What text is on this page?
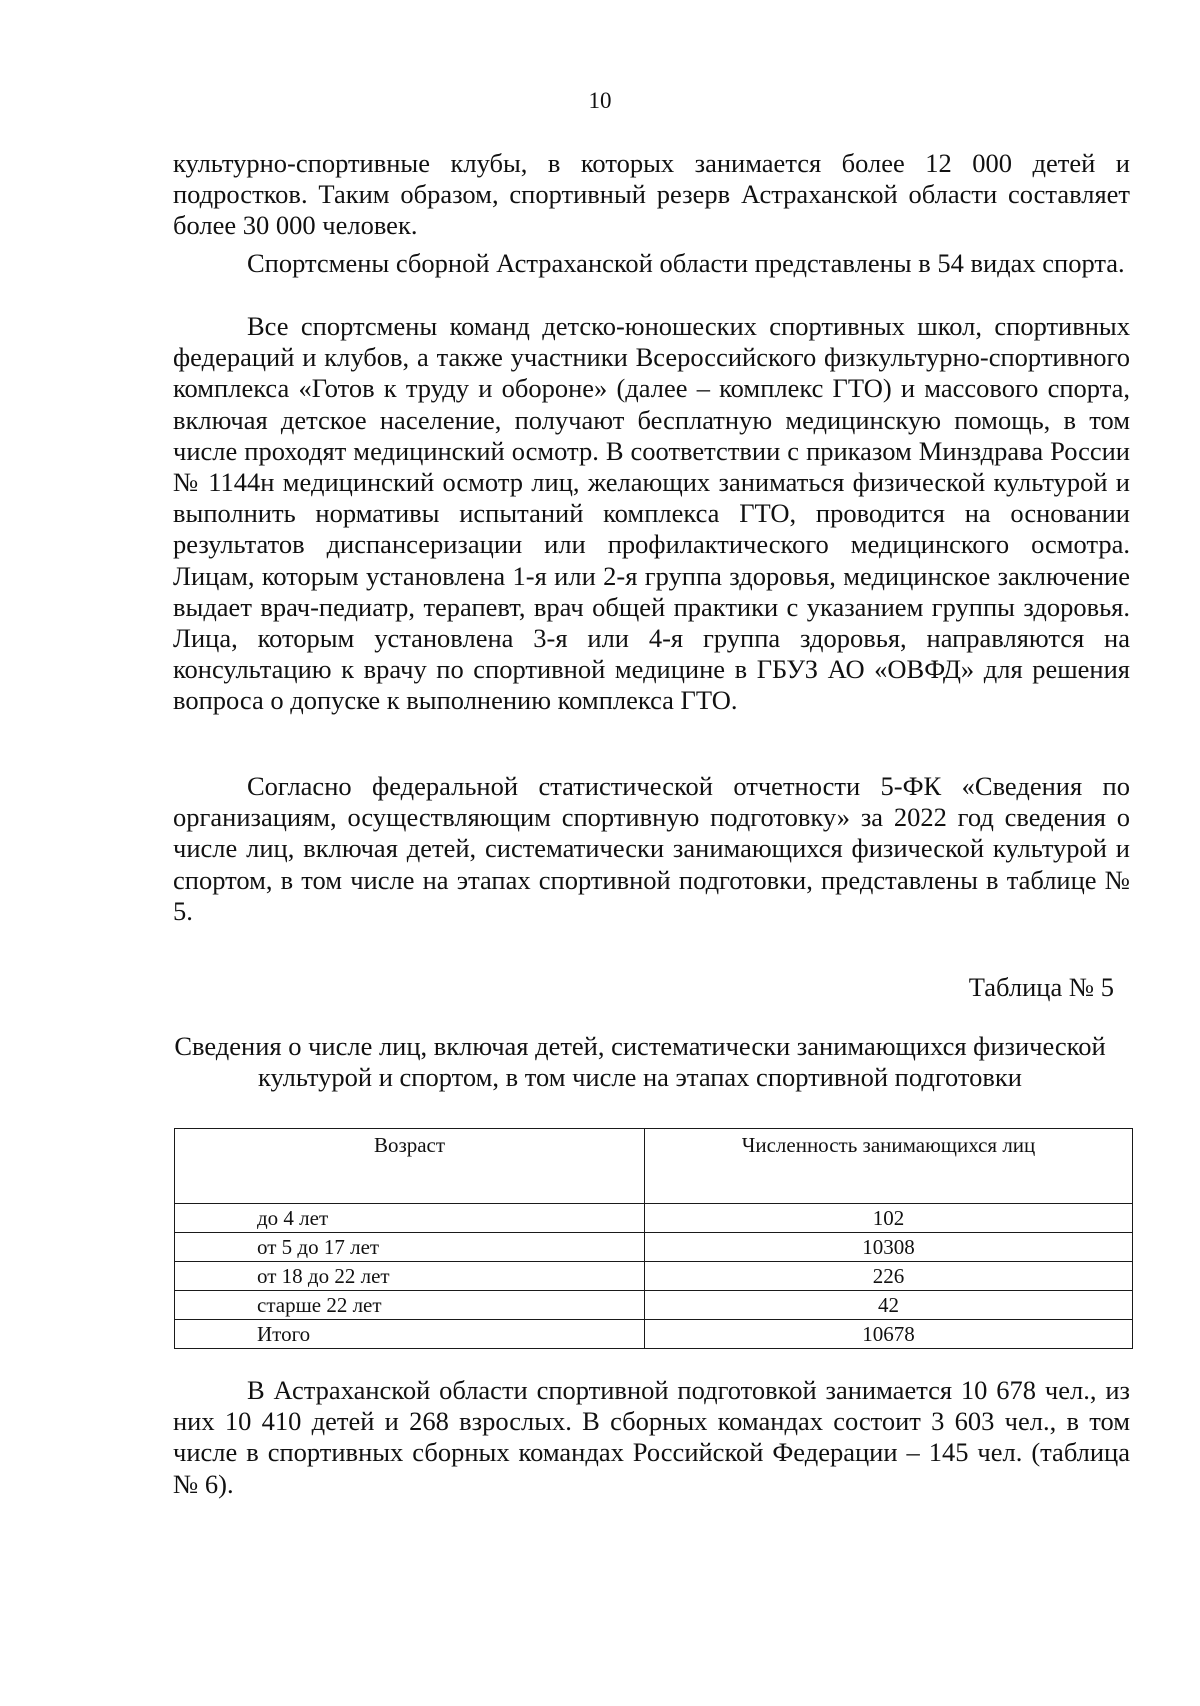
10

культурно-спортивные клубы, в которых занимается более 12 000 детей и подростков. Таким образом, спортивный резерв Астраханской области составляет более 30 000 человек.

Спортсмены сборной Астраханской области представлены в 54 видах спорта.

Все спортсмены команд детско-юношеских спортивных школ, спортивных федераций и клубов, а также участники Всероссийского физкультурно-спортивного комплекса «Готов к труду и обороне» (далее – комплекс ГТО) и массового спорта, включая детское население, получают бесплатную медицинскую помощь, в том числе проходят медицинский осмотр. В соответствии с приказом Минздрава России № 1144н медицинский осмотр лиц, желающих заниматься физической культурой и выполнить нормативы испытаний комплекса ГТО, проводится на основании результатов диспансеризации или профилактического медицинского осмотра. Лицам, которым установлена 1-я или 2-я группа здоровья, медицинское заключение выдает врач-педиатр, терапевт, врач общей практики с указанием группы здоровья. Лица, которым установлена 3-я или 4-я группа здоровья, направляются на консультацию к врачу по спортивной медицине в ГБУЗ АО «ОВФД» для решения вопроса о допуске к выполнению комплекса ГТО.

Согласно федеральной статистической отчетности 5-ФК «Сведения по организациям, осуществляющим спортивную подготовку» за 2022 год сведения о числе лиц, включая детей, систематически занимающихся физической культурой и спортом, в том числе на этапах спортивной подготовки, представлены в таблице № 5.

Таблица № 5

Сведения о числе лиц, включая детей, систематически занимающихся физической культурой и спортом, в том числе на этапах спортивной подготовки

Возраст	Численность занимающихся лиц
до 4 лет	102
от 5 до 17 лет	10308
от 18 до 22 лет	226
старше 22 лет	42
Итого	10678

В Астраханской области спортивной подготовкой занимается 10 678 чел., из них 10 410 детей и 268 взрослых. В сборных командах состоит 3 603 чел., в том числе в спортивных сборных командах Российской Федерации – 145 чел. (таблица № 6).
